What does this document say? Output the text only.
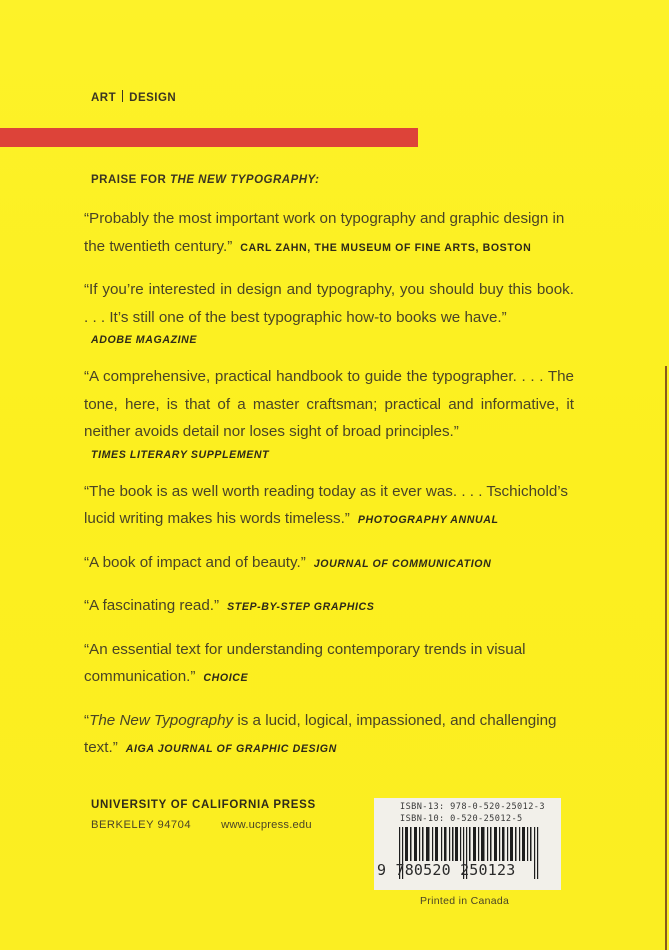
ART DESIGN
PRAISE FOR THE NEW TYPOGRAPHY:
“Probably the most important work on typography and graphic design in the twentieth century.” CARL ZAHN, THE MUSEUM OF FINE ARTS, BOSTON
“If you’re interested in design and typography, you should buy this book. . . . It’s still one of the best typographic how-to books we have.”
ADOBE MAGAZINE
“A comprehensive, practical handbook to guide the typographer. . . . The tone, here, is that of a master craftsman; practical and informative, it neither avoids detail nor loses sight of broad principles.”
TIMES LITERARY SUPPLEMENT
“The book is as well worth reading today as it ever was. . . . Tschichold’s lucid writing makes his words timeless.” PHOTOGRAPHY ANNUAL
“A book of impact and of beauty.” JOURNAL OF COMMUNICATION
“A fascinating read.” STEP-BY-STEP GRAPHICS
“An essential text for understanding contemporary trends in visual communication.” CHOICE
“The New Typography is a lucid, logical, impassioned, and challenging text.” AIGA JOURNAL OF GRAPHIC DESIGN
UNIVERSITY OF CALIFORNIA PRESS
BERKELEY 94704	www.ucpress.edu
ISBN-13: 978-0-520-25012-3
ISBN-10: 0-520-25012-5
9 780520 250123
Printed in Canada
